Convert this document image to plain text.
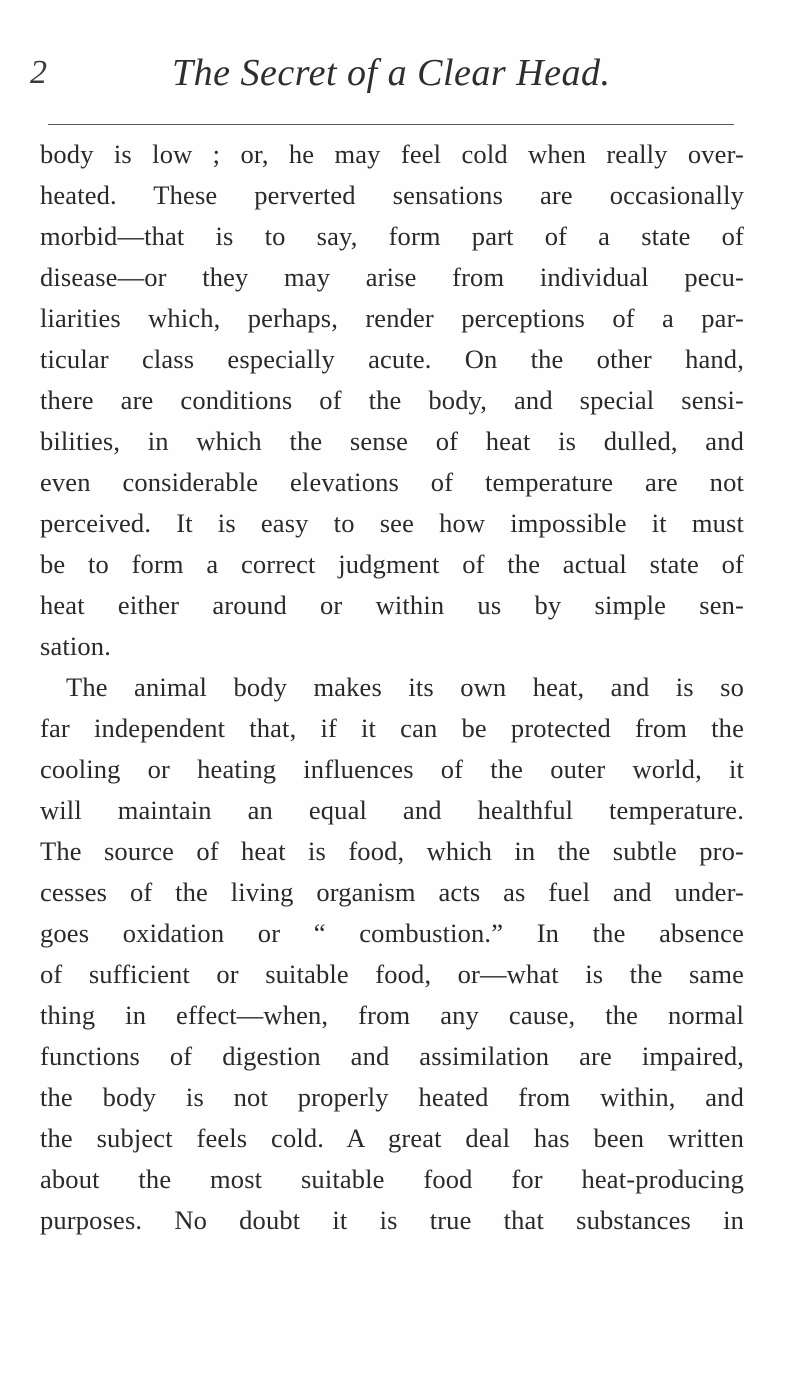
2	The Secret of a Clear Head.
body is low ; or, he may feel cold when really over-
heated. These perverted sensations are occasionally
morbid—that is to say, form part of a state of
disease—or they may arise from individual pecu-
liarities which, perhaps, render perceptions of a par-
ticular class especially acute. On the other hand,
there are conditions of the body, and special sensi-
bilities, in which the sense of heat is dulled, and
even considerable elevations of temperature are not
perceived. It is easy to see how impossible it must
be to form a correct judgment of the actual state of
heat either around or within us by simple sen-
sation.
The animal body makes its own heat, and is so
far independent that, if it can be protected from the
cooling or heating influences of the outer world, it
will maintain an equal and healthful temperature.
The source of heat is food, which in the subtle pro-
cesses of the living organism acts as fuel and under-
goes oxidation or “ combustion.” In the absence
of sufficient or suitable food, or—what is the same
thing in effect—when, from any cause, the normal
functions of digestion and assimilation are impaired,
the body is not properly heated from within, and
the subject feels cold. A great deal has been written
about the most suitable food for heat-producing
purposes. No doubt it is true that substances in
